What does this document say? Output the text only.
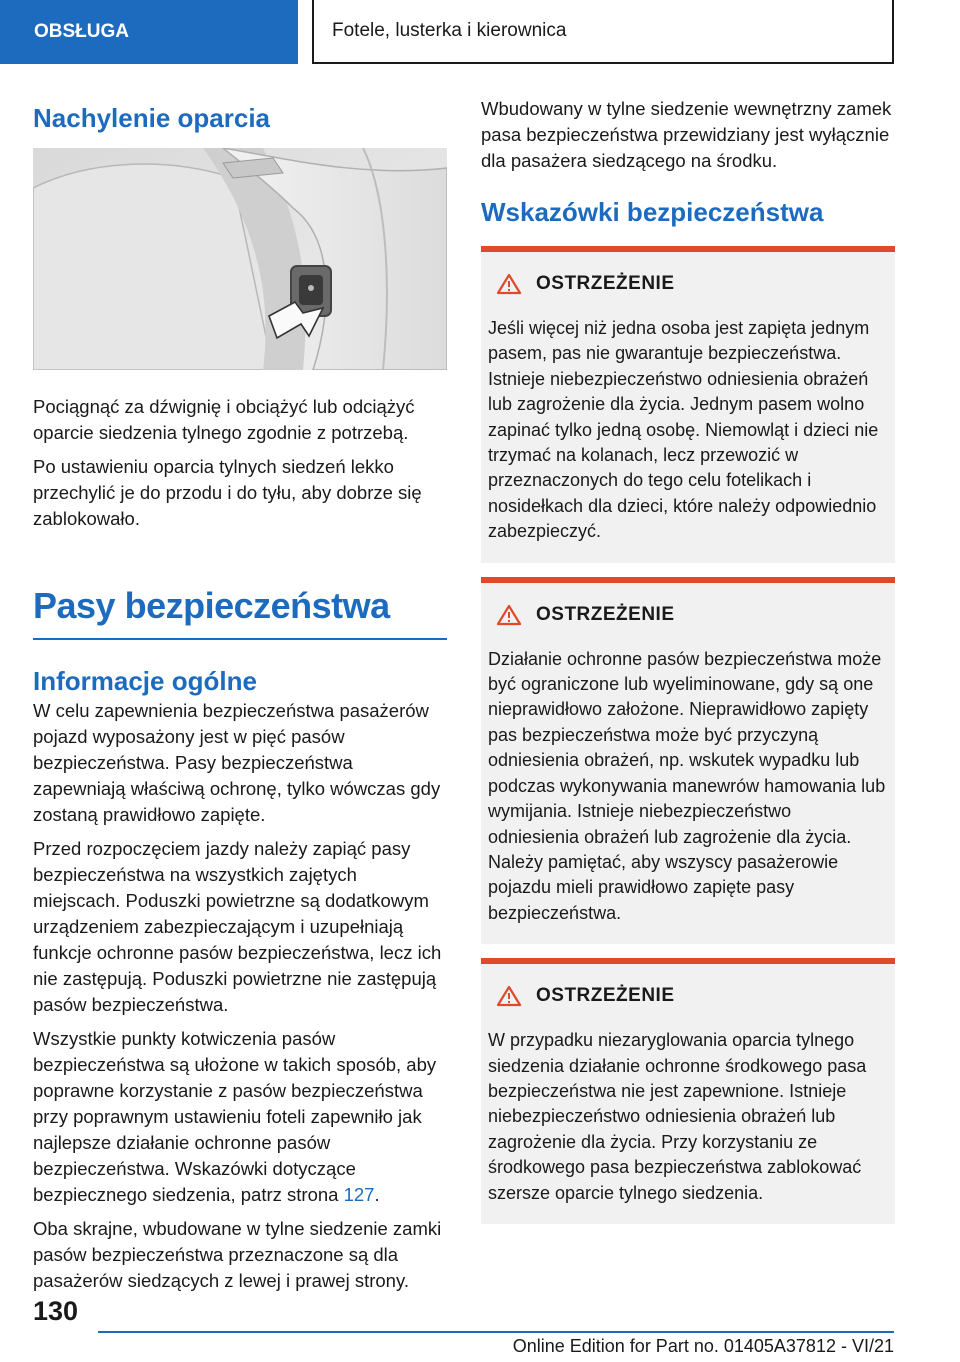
OBSŁUGA	Fotele, lusterka i kierownica
Nachylenie oparcia

Pociągnąć za dźwignię i obciążyć lub odciążyć oparcie siedzenia tylnego zgodnie z potrzebą.

Po ustawieniu oparcia tylnych siedzeń lekko przechylić je do przodu i do tyłu, aby dobrze się zablokowało.

Pasy bezpieczeństwa
Informacje ogólne

W celu zapewnienia bezpieczeństwa pasażerów pojazd wyposażony jest w pięć pasów bezpieczeństwa. Pasy bezpieczeństwa zapewniają właściwą ochronę, tylko wówczas gdy zostaną prawidłowo zapięte.

Przed rozpoczęciem jazdy należy zapiąć pasy bezpieczeństwa na wszystkich zajętych miejscach. Poduszki powietrzne są dodatkowym urządzeniem zabezpieczającym i uzupełniają funkcje ochronne pasów bezpieczeństwa, lecz ich nie zastępują. Poduszki powietrzne nie zastępują pasów bezpieczeństwa.

Wszystkie punkty kotwiczenia pasów bezpieczeństwa są ułożone w takich sposób, aby poprawne korzystanie z pasów bezpieczeństwa przy poprawnym ustawieniu foteli zapewniło jak najlepsze działanie ochronne pasów bezpieczeństwa. Wskazówki dotyczące bezpiecznego siedzenia, patrz strona 127.

Oba skrajne, wbudowane w tylne siedzenie zamki pasów bezpieczeństwa przeznaczone są dla pasażerów siedzących z lewej i prawej strony.

Wbudowany w tylne siedzenie wewnętrzny zamek pasa bezpieczeństwa przewidziany jest wyłącznie dla pasażera siedzącego na środku.

Wskazówki bezpieczeństwa
OSTRZEŻENIE

Jeśli więcej niż jedna osoba jest zapięta jednym pasem, pas nie gwarantuje bezpieczeństwa. Istnieje niebezpieczeństwo odniesienia obrażeń lub zagrożenie dla życia. Jednym pasem wolno zapinać tylko jedną osobę. Niemowląt i dzieci nie trzymać na kolanach, lecz przewozić w przeznaczonych do tego celu fotelikach i nosidełkach dla dzieci, które należy odpowiednio zabezpieczyć.

OSTRZEŻENIE

Działanie ochronne pasów bezpieczeństwa może być ograniczone lub wyeliminowane, gdy są one nieprawidłowo założone. Nieprawidłowo zapięty pas bezpieczeństwa może być przyczyną odniesienia obrażeń, np. wskutek wypadku lub podczas wykonywania manewrów hamowania lub wymijania. Istnieje niebezpieczeństwo odniesienia obrażeń lub zagrożenie dla życia. Należy pamiętać, aby wszyscy pasażerowie pojazdu mieli prawidłowo zapięte pasy bezpieczeństwa.

OSTRZEŻENIE

W przypadku niezaryglowania oparcia tylnego siedzenia działanie ochronne środkowego pasa bezpieczeństwa nie jest zapewnione. Istnieje niebezpieczeństwo odniesienia obrażeń lub zagrożenie dla życia. Przy korzystaniu ze środkowego pasa bezpieczeństwa zablokować szersze oparcie tylnego siedzenia.

130
Online Edition for Part no. 01405A37812 - VI/21
